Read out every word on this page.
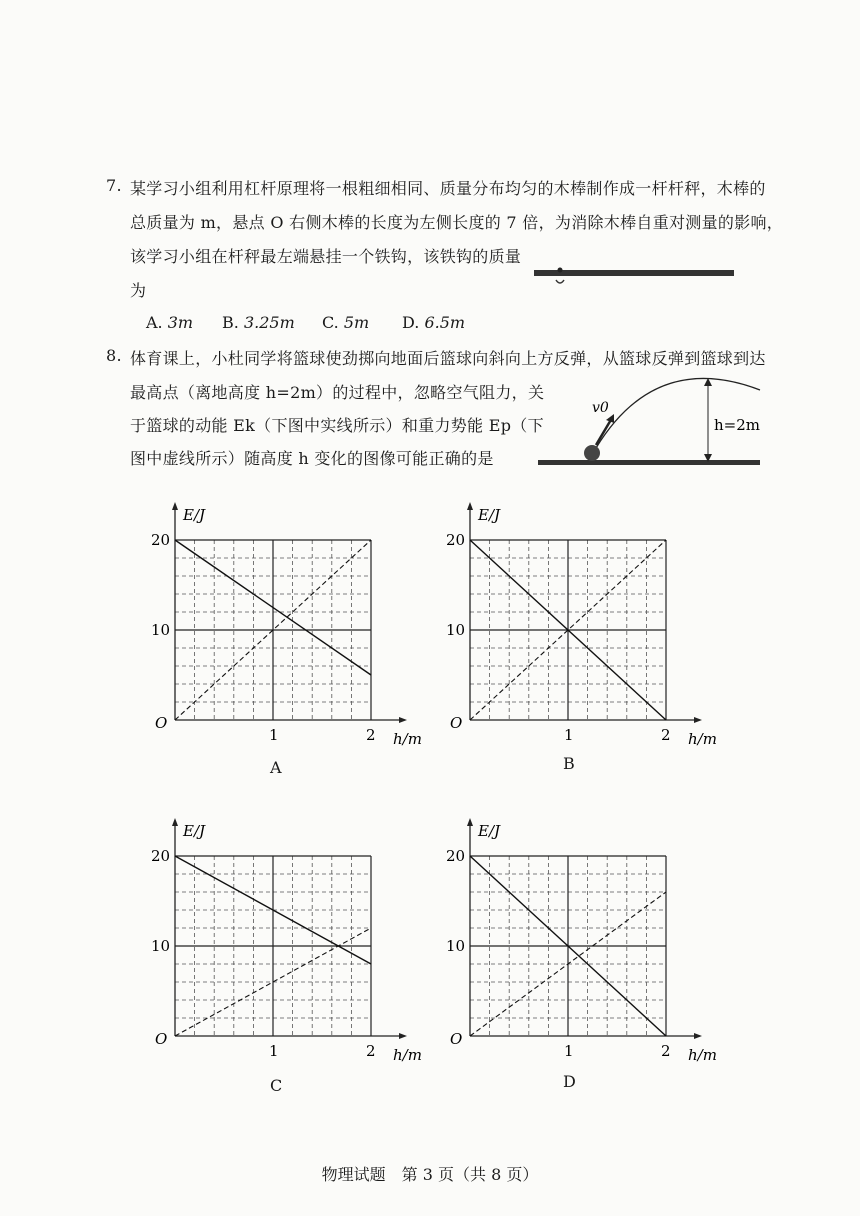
7. 某学习小组利用杠杆原理将一根粗细相同、质量分布均匀的木棒制作成一杆杆秤，木棒的
总质量为 m，悬点 O 右侧木棒的长度为左侧长度的 7 倍，为消除木棒自重对测量的影响，
该学习小组在杆秤最左端悬挂一个铁钩，该铁钩的质量
为
A. 3m B. 3.25m C. 5m D. 6.5m
8. 体育课上，小杜同学将篮球使劲掷向地面后篮球向斜向上方反弹，从篮球反弹到篮球到达
最高点（离地高度 h=2m）的过程中，忽略空气阻力，关
于篮球的动能 Ek（下图中实线所示）和重力势能 Ep（下
图中虚线所示）随高度 h 变化的图像可能正确的是
v0
h=2m
E/J
O
1	2
10
20
h/m
E/J
O
1	2
10
20
h/m
E/J
O
1	2
10
20
h/m
E/J
O
1	2
10
20
h/m
A	B
C	D
物理试题　第 3 页（共 8 页）
